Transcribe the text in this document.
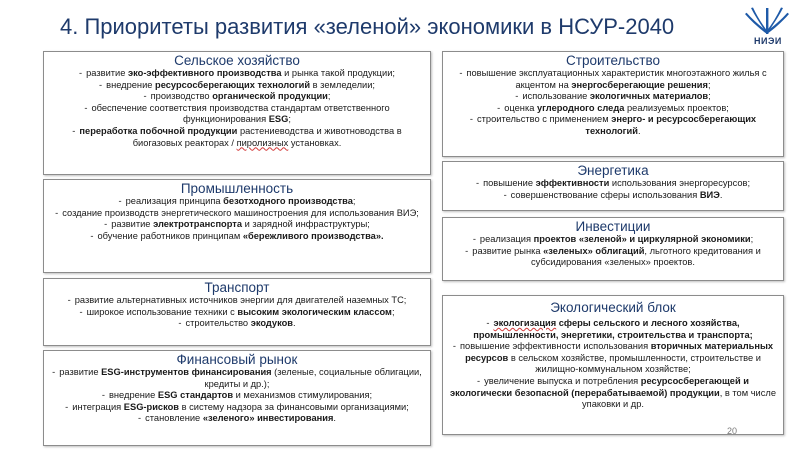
4. Приоритеты развития «зеленой» экономики в НСУР-2040
НИЭИ
Сельское хозяйство
- развитие эко-эффективного производства и рынка такой продукции;
- внедрение ресурсосберегающих технологий в земледелии;
- производство органической продукции;
- обеспечение соответствия производства стандартам ответственного функционирования ESG;
- переработка побочной продукции растениеводства и животноводства в биогазовых реакторах / пиролизных установках.
Промышленность
- реализация принципа безотходного производства;
- создание производств энергетического машиностроения для использования ВИЭ;
- развитие электротранспорта и зарядной инфраструктуры;
- обучение работников принципам «бережливого производства».
Транспорт
- развитие альтернативных источников энергии для двигателей наземных ТС;
- широкое использование техники с высоким экологическим классом;
- строительство экодуков.
Финансовый рынок
- развитие ESG-инструментов финансирования (зеленые, социальные облигации, кредиты и др.);
- внедрение ESG стандартов и механизмов стимулирования;
- интеграция ESG-рисков в систему надзора за финансовыми организациями;
- становление «зеленого» инвестирования.
Строительство
- повышение эксплуатационных характеристик многоэтажного жилья с акцентом на энергосберегающие решения;
- использование экологичных материалов;
- оценка углеродного следа реализуемых проектов;
- строительство с применением энерго- и ресурсосберегающих технологий.
Энергетика
- повышение эффективности использования энергоресурсов;
- совершенствование сферы использования ВИЭ.
Инвестиции
- реализация проектов «зеленой» и циркулярной экономики;
- развитие рынка «зеленых» облигаций, льготного кредитования и субсидирования «зеленых» проектов.
Экологический блок
- экологизация сферы сельского и лесного хозяйства, промышленности, энергетики, строительства и транспорта;
- повышение эффективности использования вторичных материальных ресурсов в сельском хозяйстве, промышленности, строительстве и жилищно-коммунальном хозяйстве;
- увеличение выпуска и потребления ресурсосберегающей и экологически безопасной (перерабатываемой) продукции, в том числе упаковки и др.
20
